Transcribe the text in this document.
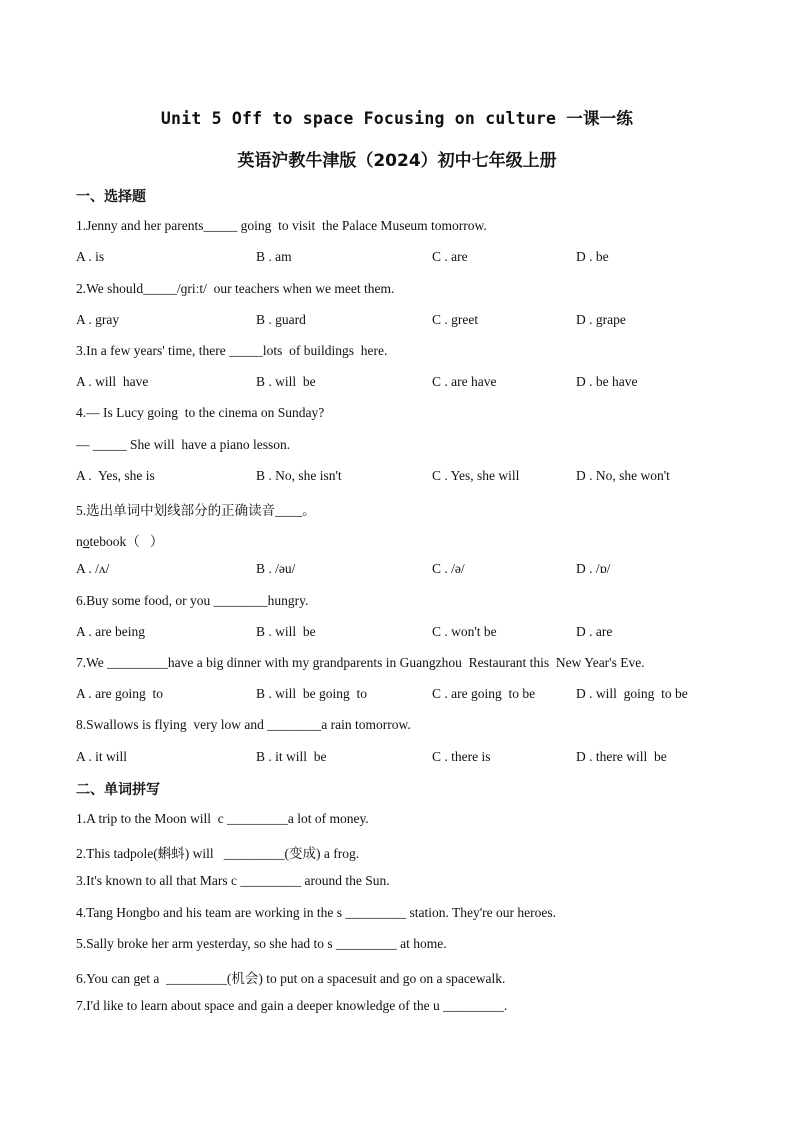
Unit 5 Off to space Focusing on culture 一课一练
英语沪教牛津版（2024）初中七年级上册
一、选择题
1.Jenny and her parents_____ going  to visit  the Palace Museum tomorrow.
A . is	B . am	C . are	D . be
2.We should_____/ɡriːt/  our teachers when we meet them.
A . gray	B . guard	C . greet	D . grape
3.In a few years' time, there _____lots  of buildings  here.
A . will  have	B . will  be	C . are have	D . be have
4.— Is Lucy going  to the cinema on Sunday?
— _____ She will  have a piano lesson.
A .  Yes, she is	B . No, she isn't	C . Yes, she will	D . No, she won't
5.选出单词中划线部分的正确读音____。
notebook（   ）
A . /ʌ/	B . /əu/	C . /ə/	D . /ɒ/
6.Buy some food, or you ________hungry.
A . are being	B . will  be	C . won't be	D . are
7.We _________have a big dinner with my grandparents in Guangzhou  Restaurant this  New Year's Eve.
A . are going  to	B . will  be going  to	C . are going  to be	D . will  going  to be
8.Swallows is flying  very low and ________a rain tomorrow.
A . it will	B . it will  be	C . there is	D . there will  be
二、单词拼写
1.A trip to the Moon will  c _________a lot of money.
2.This tadpole(蝌蚪) will   _________(变成) a frog.
3.It's known to all that Mars c _________ around the Sun.
4.Tang Hongbo and his team are working in the s _________ station. They're our heroes.
5.Sally broke her arm yesterday, so she had to s _________ at home.
6.You can get a  _________(机会) to put on a spacesuit and go on a spacewalk.
7.I'd like to learn about space and gain a deeper knowledge of the u _________.
